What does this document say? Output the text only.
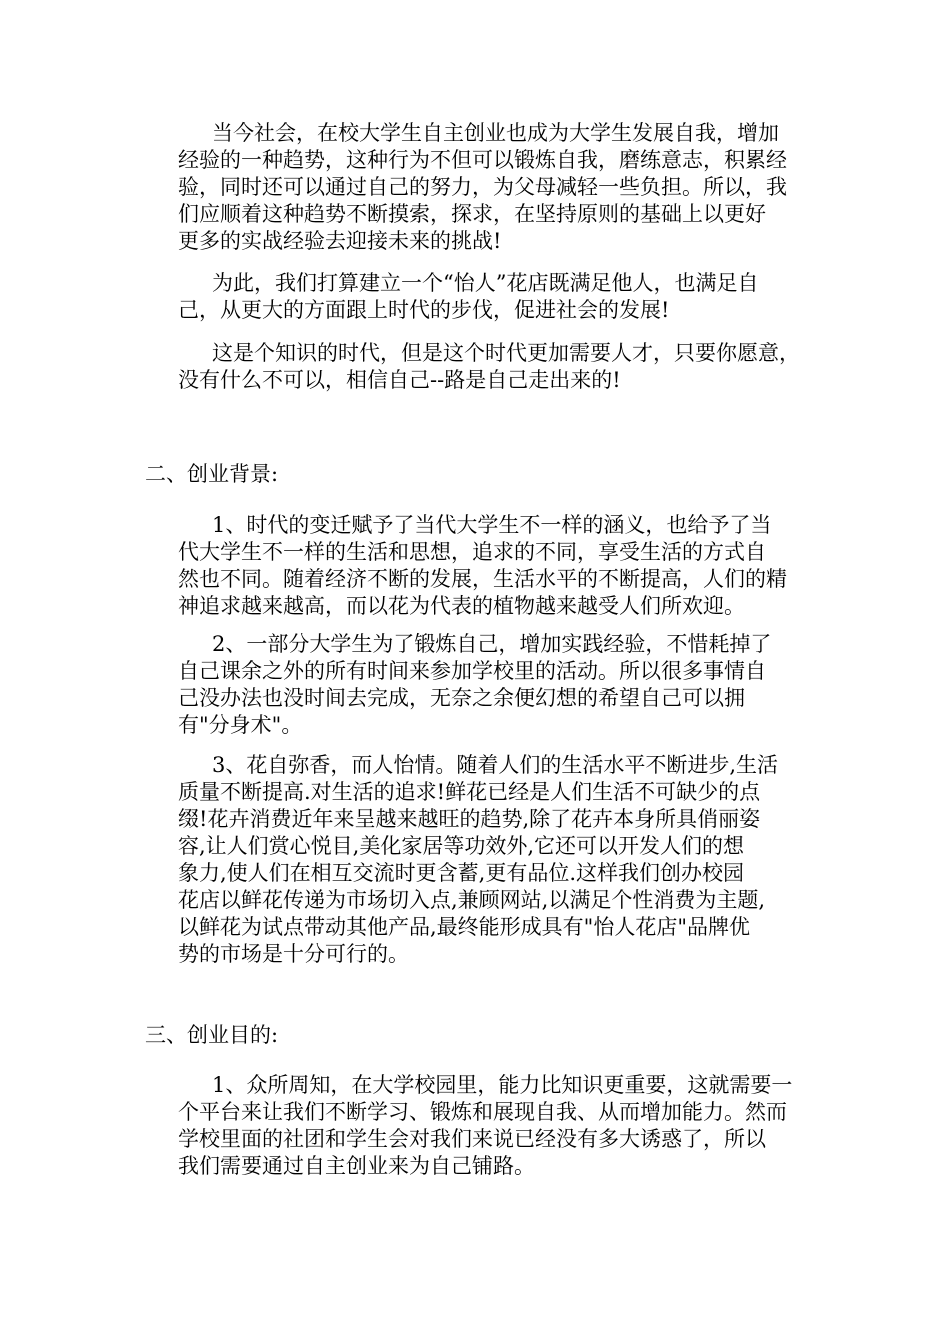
当今社会，在校大学生自主创业也成为大学生发展自我，增加
经验的一种趋势，这种行为不但可以锻炼自我，磨练意志，积累经
验，同时还可以通过自己的努力，为父母减轻一些负担。所以，我
们应顺着这种趋势不断摸索，探求，在坚持原则的基础上以更好
更多的实战经验去迎接未来的挑战!
为此，我们打算建立一个“怡人”花店既满足他人，也满足自
己，从更大的方面跟上时代的步伐，促进社会的发展!
这是个知识的时代，但是这个时代更加需要人才，只要你愿意，
没有什么不可以，相信自己--路是自己走出来的!
二、创业背景:
1、时代的变迁赋予了当代大学生不一样的涵义，也给予了当
代大学生不一样的生活和思想，追求的不同，享受生活的方式自
然也不同。随着经济不断的发展，生活水平的不断提高，人们的精
神追求越来越高，而以花为代表的植物越来越受人们所欢迎。
2、一部分大学生为了锻炼自己，增加实践经验，不惜耗掉了
自己课余之外的所有时间来参加学校里的活动。所以很多事情自
己没办法也没时间去完成，无奈之余便幻想的希望自己可以拥
有"分身术"。
3、花自弥香，而人怡情。随着人们的生活水平不断进步,生活
质量不断提高.对生活的追求!鲜花已经是人们生活不可缺少的点
缀!花卉消费近年来呈越来越旺的趋势,除了花卉本身所具俏丽姿
容,让人们赏心悦目,美化家居等功效外,它还可以开发人们的想
象力,使人们在相互交流时更含蓄,更有品位.这样我们创办校园
花店以鲜花传递为市场切入点,兼顾网站,以满足个性消费为主题,
以鲜花为试点带动其他产品,最终能形成具有"怡人花店"品牌优
势的市场是十分可行的。
三、创业目的:
1、众所周知，在大学校园里，能力比知识更重要，这就需要一
个平台来让我们不断学习、锻炼和展现自我、从而增加能力。然而
学校里面的社团和学生会对我们来说已经没有多大诱惑了，所以
我们需要通过自主创业来为自己铺路。
